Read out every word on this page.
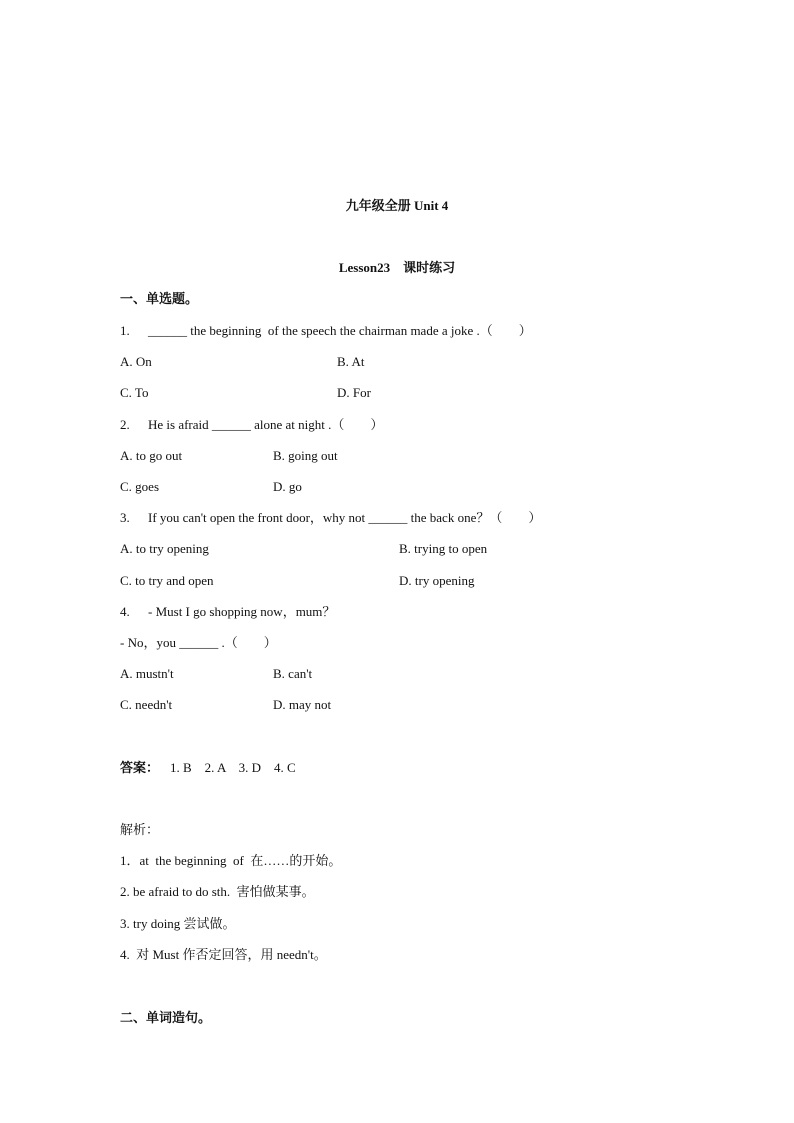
九年级全册 Unit 4
Lesson23　课时练习
一、单选题。
1. ______ the beginning  of the speech the chairman made a joke .（　　）
A. On	B. At
C. To	D. For
2. He is afraid ______ alone at night .（　　）
A. to go out	B. going out
C. goes	D. go
3. If you can't open the front door，why not ______ the back one？（　　）
A. to try opening	B. trying to open
C. to try and open	D. try opening
4. - Must I go shopping now，mum？
- No，you ______ .（　　）
A. mustn't	B. can't
C. needn't	D. may not
答案： 1. B　2. A　3. D　4. C
解析：
1．at  the beginning  of  在……的开始。
2. be afraid to do sth.  害怕做某事。
3. try doing 尝试做。
4.  对 Must 作否定回答，用 needn't。
二、单词造句。
